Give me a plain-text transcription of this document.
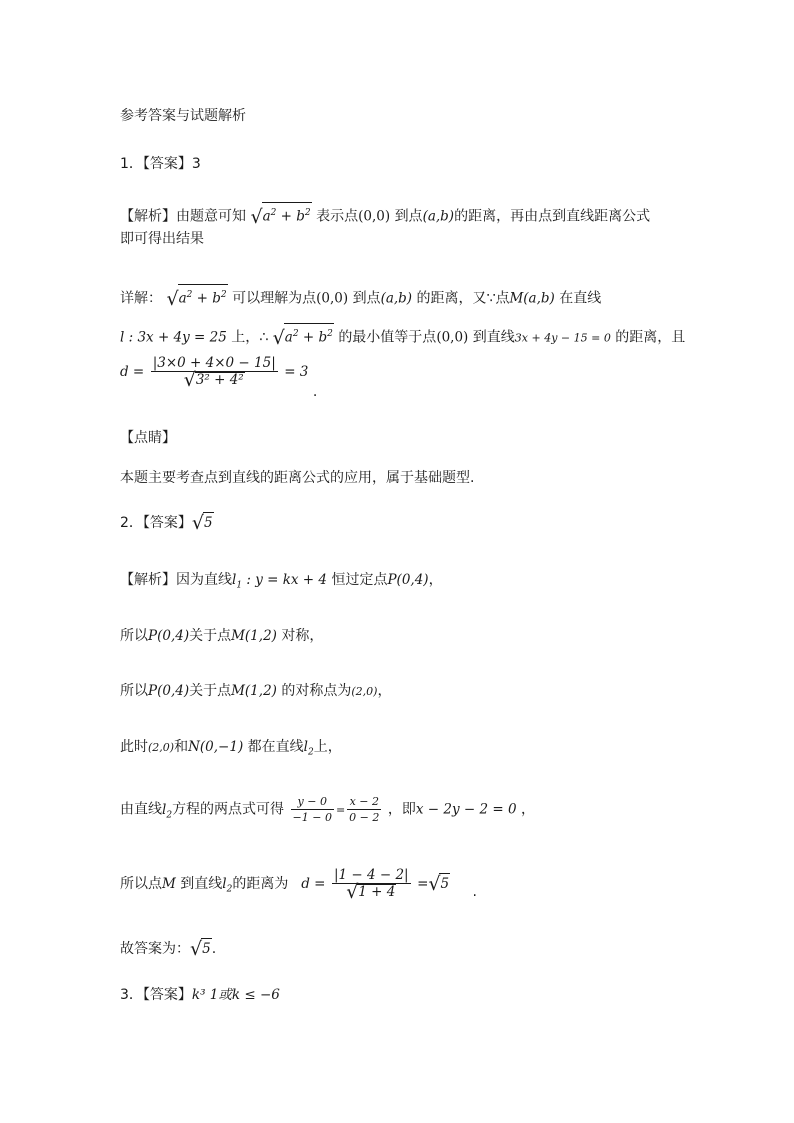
参考答案与试题解析
1．【答案】3
【解析】由题意可知 $√a^2 + b^2$ 表示点(0,0) 到点(a,b)的距离，再由点到直线距离公式
即可得出结果
详解： $√a^2 + b^2$ 可以理解为点(0,0) 到点(a,b) 的距离，又∵点M(a,b) 在直线
l : 3x + 4y = 25 上，∴ $√a^2 + b^2$ 的最小值等于点(0,0) 到直线3x + 4y − 15 = 0 的距离，且
$d = \frac{|3\times 0 + 4\times 0 - 15|}{\text{√3² + 4²}} = 3$ .
【点睛】
本题主要考查点到直线的距离公式的应用，属于基础题型.
2．【答案】√5
【解析】因为直线$l_1$ : y = kx + 4 恒过定点P(0,4)，
所以P(0,4)关于点M(1,2) 对称，
所以P(0,4)关于点M(1,2) 的对称点为(2,0)，
此时(2,0)和N(0,−1) 都在直线$l_2$上，
由直线$l_2$方程的两点式可得 $\frac{y - 0}{-1 - 0} = \frac{x - 2}{0 - 2}$ ，即x − 2y − 2 = 0 ，
所以点M 到直线$l_2$的距离为 $d = \frac{|1 - 4 - 2|}{√1 + 4} =√5$ .
故答案为：√5.
3．【答案】k³ 1或k ≤ −6
